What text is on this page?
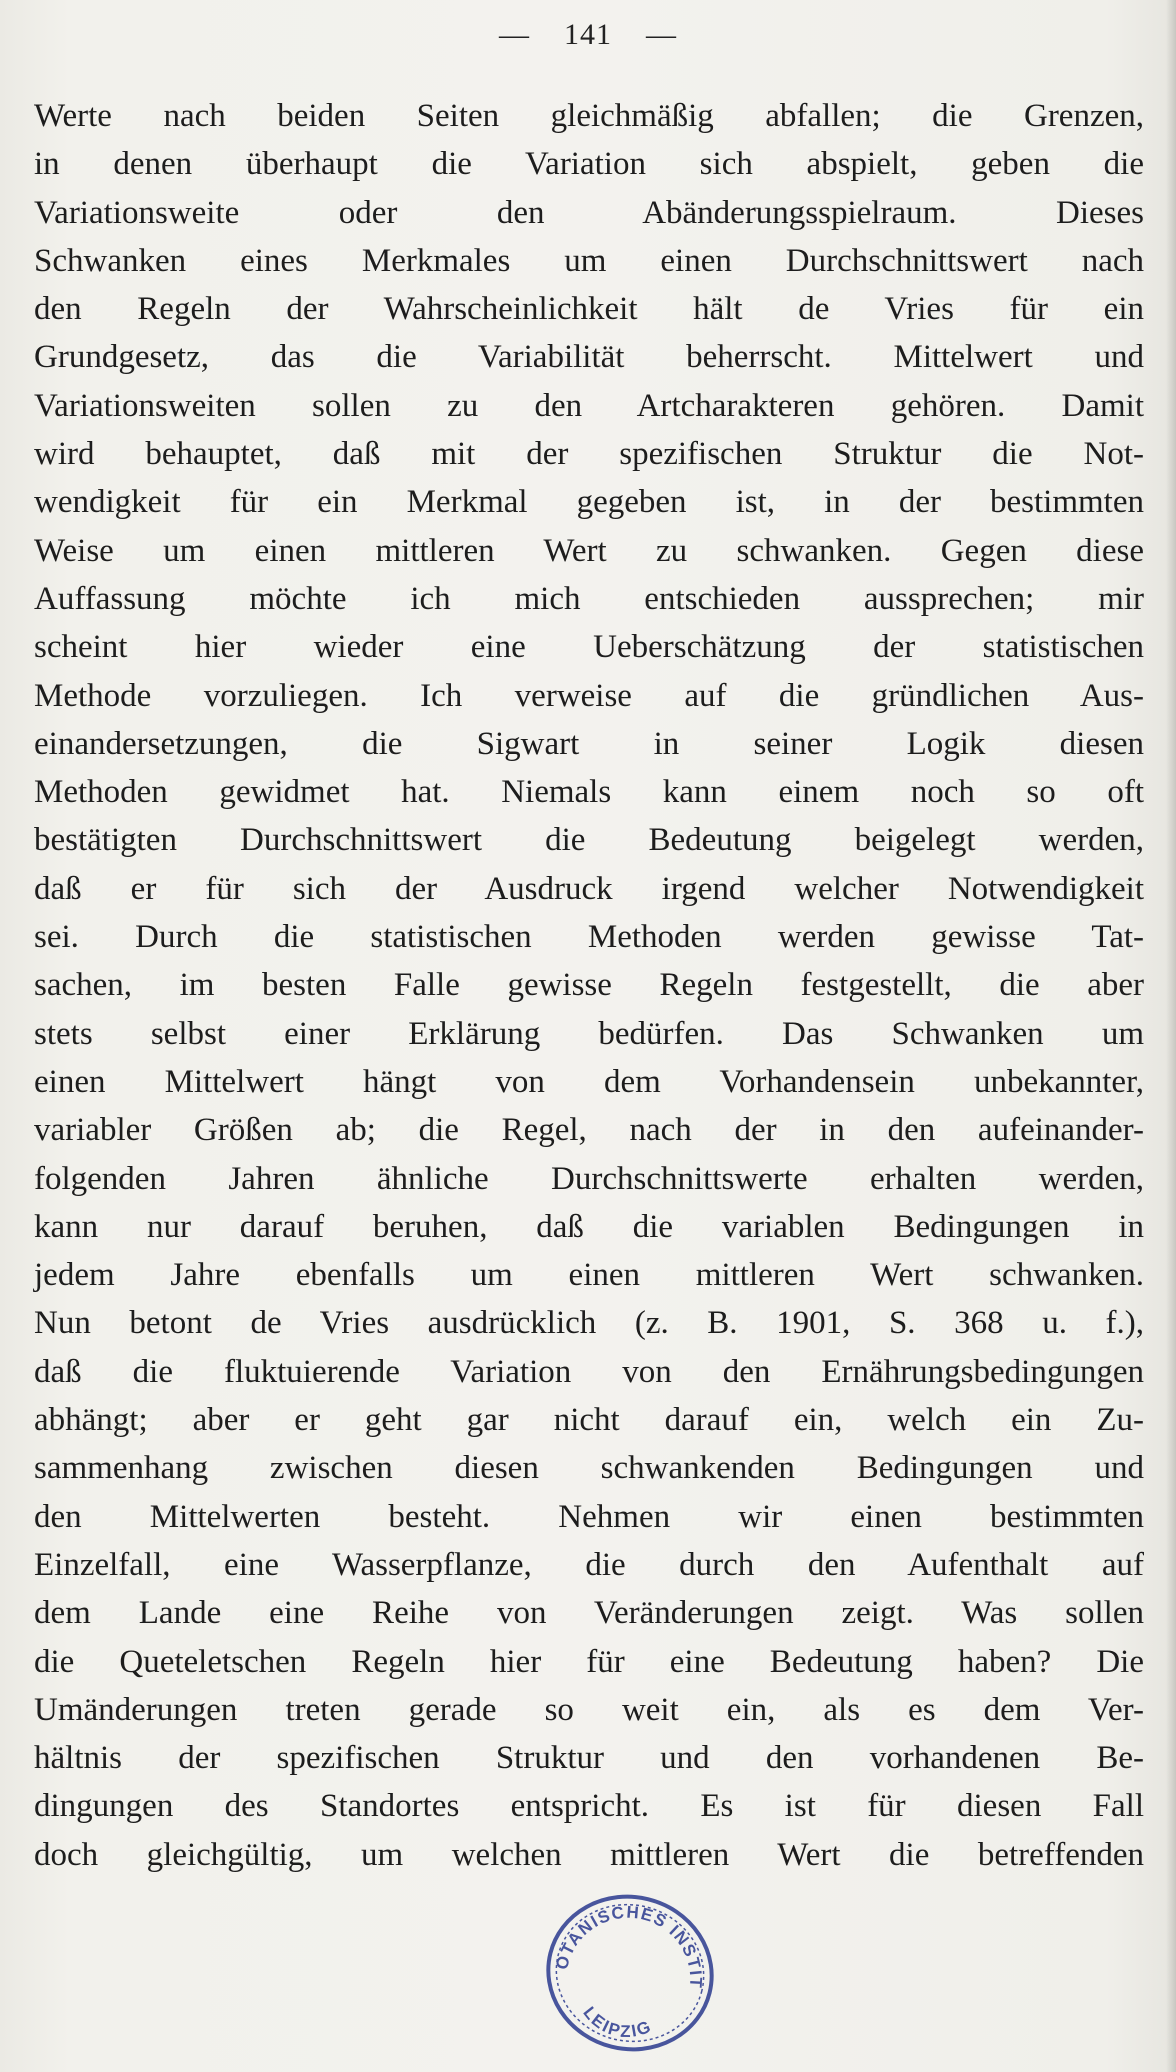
— 141 —
Werte nach beiden Seiten gleichmäßig abfallen; die Grenzen,
in denen überhaupt die Variation sich abspielt, geben die
Variationsweite oder den Abänderungsspielraum. Dieses
Schwanken eines Merkmales um einen Durchschnittswert nach
den Regeln der Wahrscheinlichkeit hält de Vries für ein
Grundgesetz, das die Variabilität beherrscht. Mittelwert und
Variationsweiten sollen zu den Artcharakteren gehören. Damit
wird behauptet, daß mit der spezifischen Struktur die Not-
wendigkeit für ein Merkmal gegeben ist, in der bestimmten
Weise um einen mittleren Wert zu schwanken. Gegen diese
Auffassung möchte ich mich entschieden aussprechen; mir
scheint hier wieder eine Ueberschätzung der statistischen
Methode vorzuliegen. Ich verweise auf die gründlichen Aus-
einandersetzungen, die Sigwart in seiner Logik diesen
Methoden gewidmet hat. Niemals kann einem noch so oft
bestätigten Durchschnittswert die Bedeutung beigelegt werden,
daß er für sich der Ausdruck irgend welcher Notwendigkeit
sei. Durch die statistischen Methoden werden gewisse Tat-
sachen, im besten Falle gewisse Regeln festgestellt, die aber
stets selbst einer Erklärung bedürfen. Das Schwanken um
einen Mittelwert hängt von dem Vorhandensein unbekannter,
variabler Größen ab; die Regel, nach der in den aufeinander-
folgenden Jahren ähnliche Durchschnittswerte erhalten werden,
kann nur darauf beruhen, daß die variablen Bedingungen in
jedem Jahre ebenfalls um einen mittleren Wert schwanken.
Nun betont de Vries ausdrücklich (z. B. 1901, S. 368 u. f.),
daß die fluktuierende Variation von den Ernährungsbedingungen
abhängt; aber er geht gar nicht darauf ein, welch ein Zu-
sammenhang zwischen diesen schwankenden Bedingungen und
den Mittelwerten besteht. Nehmen wir einen bestimmten
Einzelfall, eine Wasserpflanze, die durch den Aufenthalt auf
dem Lande eine Reihe von Veränderungen zeigt. Was sollen
die Queteletschen Regeln hier für eine Bedeutung haben? Die
Umänderungen treten gerade so weit ein, als es dem Ver-
hältnis der spezifischen Struktur und den vorhandenen Be-
dingungen des Standortes entspricht. Es ist für diesen Fall
doch gleichgültig, um welchen mittleren Wert die betreffenden
BOTANISCHES INSTITUT
LEIPZIG
